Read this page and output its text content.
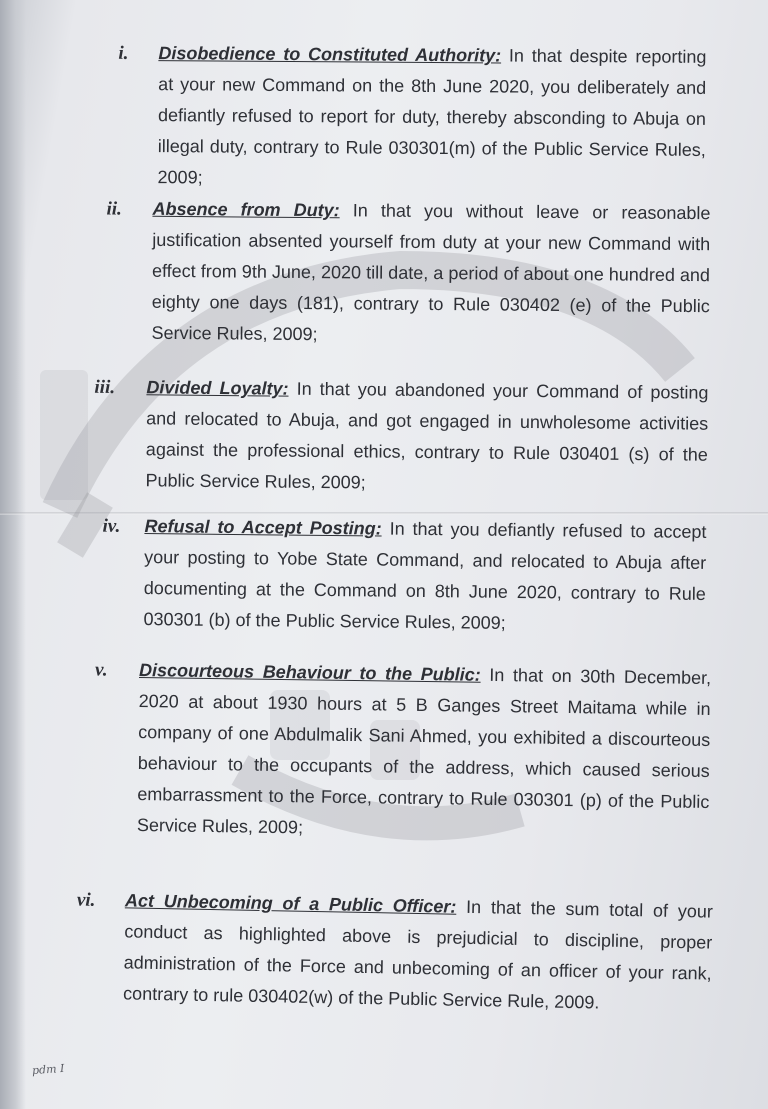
i. Disobedience to Constituted Authority: In that despite reporting at your new Command on the 8th June 2020, you deliberately and defiantly refused to report for duty, thereby absconding to Abuja on illegal duty, contrary to Rule 030301(m) of the Public Service Rules, 2009;
ii. Absence from Duty: In that you without leave or reasonable justification absented yourself from duty at your new Command with effect from 9th June, 2020 till date, a period of about one hundred and eighty one days (181), contrary to Rule 030402 (e) of the Public Service Rules, 2009;
iii. Divided Loyalty: In that you abandoned your Command of posting and relocated to Abuja, and got engaged in unwholesome activities against the professional ethics, contrary to Rule 030401 (s) of the Public Service Rules, 2009;
iv. Refusal to Accept Posting: In that you defiantly refused to accept your posting to Yobe State Command, and relocated to Abuja after documenting at the Command on 8th June 2020, contrary to Rule 030301 (b) of the Public Service Rules, 2009;
v. Discourteous Behaviour to the Public: In that on 30th December, 2020 at about 1930 hours at 5 B Ganges Street Maitama while in company of one Abdulmalik Sani Ahmed, you exhibited a discourteous behaviour to the occupants of the address, which caused serious embarrassment to the Force, contrary to Rule 030301 (p) of the Public Service Rules, 2009;
vi. Act Unbecoming of a Public Officer: In that the sum total of your conduct as highlighted above is prejudicial to discipline, proper administration of the Force and unbecoming of an officer of your rank, contrary to rule 030402(w) of the Public Service Rule, 2009.
pdm I
